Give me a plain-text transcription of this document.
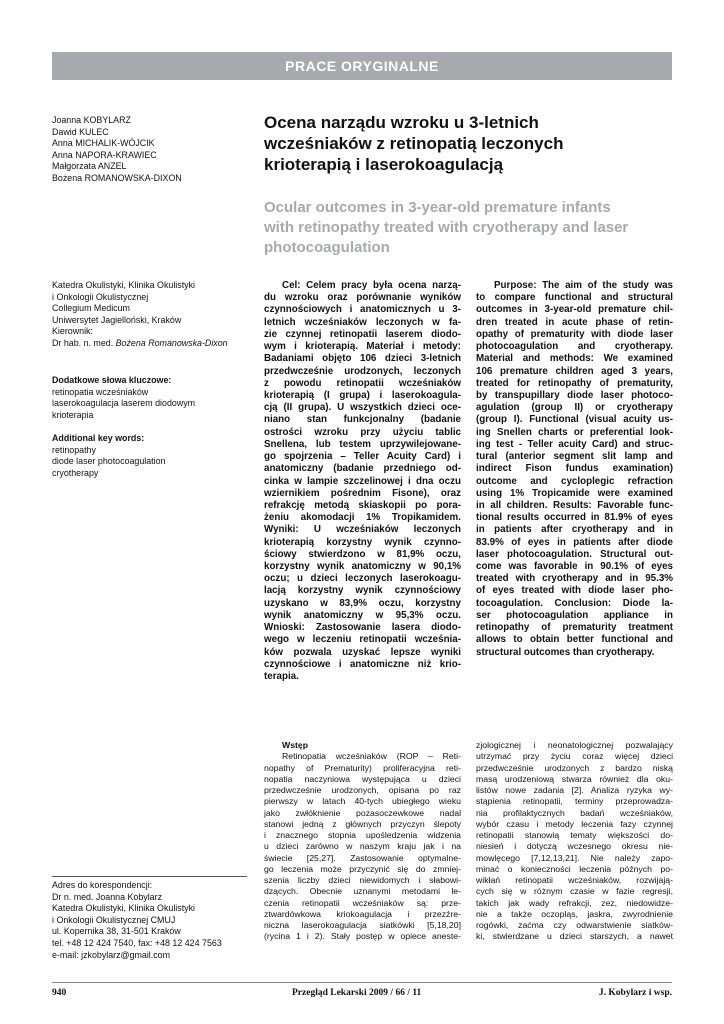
PRACE ORYGINALNE
Joanna KOBYLARZ
Dawid KULEC
Anna MICHALIK-WÓJCIK
Anna NAPORA-KRAWIEC
Małgorzata ANZEL
Bożena ROMANOWSKA-DIXON
Katedra Okulistyki, Klinika Okulistyki
i Onkologii Okulistycznej
Collegium Medicum
Uniwersytet Jagielloński, Kraków
Kierownik:
Dr hab. n. med. Bożena Romanowska-Dixon
Dodatkowe słowa kluczowe:
retinopatia wcześniaków
laserokoagulacja laserem diodowym
krioterapia
Additional key words:
retinopathy
diode laser photocoagulation
cryotherapy
Ocena narządu wzroku u 3-letnich
wcześniaków z retinopatią leczonych
krioterapią i laserokoagulacją
Ocular outcomes in 3-year-old premature infants
with retinopathy treated with cryotherapy and laser
photocoagulation
Cel: Celem pracy była ocena narzą-
du wzroku oraz porównanie wyników
czynnościowych i anatomicznych u 3-
letnich wcześniaków leczonych w fa-
zie czynnej retinopatii laserem diodo-
wym i krioterapią. Materiał i metody:
Badaniami objęto 106 dzieci 3-letnich
przedwcześnie urodzonych, leczonych
z powodu retinopatii wcześniaków
krioterapią (I grupa) i laserokoagula-
cją (II grupa). U wszystkich dzieci oce-
niano stan funkcjonalny (badanie
ostrości wzroku przy użyciu tablic
Snellena, lub testem uprzywilejowane-
go spojrzenia – Teller Acuity Card) i
anatomiczny (badanie przedniego od-
cinka w lampie szczelinowej i dna oczu
wziernikiem pośrednim Fisone), oraz
refrakcję metodą skiaskopii po pora-
żeniu akomodacji 1% Tropikamidem.
Wyniki: U wcześniaków leczonych
krioterapią korzystny wynik czynno-
ściowy stwierdzono w 81,9% oczu,
korzystny wynik anatomiczny w 90,1%
oczu; u dzieci leczonych laserokoagu-
lacją korzystny wynik czynnościowy
uzyskano w 83,9% oczu, korzystny
wynik anatomiczny w 95,3% oczu.
Wnioski: Zastosowanie lasera diodo-
wego w leczeniu retinopatii wcześnia-
ków pozwala uzyskać lepsze wyniki
czynnościowe i anatomiczne niż krio-
terapia.
Purpose: The aim of the study was
to compare functional and structural
outcomes in 3-year-old premature chil-
dren treated in acute phase of retin-
opathy of prematurity with diode laser
photocoagulation and cryotherapy.
Material and methods: We examined
106 premature children aged 3 years,
treated for retinopathy of prematurity,
by transpupillary diode laser photoco-
agulation (group II) or cryotherapy
(group I). Functional (visual acuity us-
ing Snellen charts or preferential look-
ing test - Teller acuity Card) and struc-
tural (anterior segment slit lamp and
indirect Fison fundus examination)
outcome and cycloplegic refraction
using 1% Tropicamide were examined
in all children. Results: Favorable func-
tional results occurred in 81.9% of eyes
in patients after cryotherapy and in
83.9% of eyes in patients after diode
laser photocoagulation. Structural out-
come was favorable in 90.1% of eyes
treated with cryotherapy and in 95.3%
of eyes treated with diode laser pho-
tocoagulation. Conclusion: Diode la-
ser photocoagulation appliance in
retinopathy of prematurity treatment
allows to obtain better functional and
structural outcomes than cryotherapy.
Wstęp
Retinopatia wcześniaków (ROP – Reti-
nopathy of Prematurity) proliferacyjna reti-
nopatia naczyniowa występująca u dzieci
przedwcześnie urodzonych, opisana po raz
pierwszy w latach 40-tych ubiegłego wieku
jako zwłóknienie pozasoczewkowe nadal
stanowi jedną z głównych przyczyn ślepoty
i znacznego stopnia upośledzenia widzenia
u dzieci zarówno w naszym kraju jak i na
świecie [25,27]. Zastosowanie optymalne-
go leczenia może przyczynić się do zmniej-
szenia liczby dzieci niewidomych i słabowi-
dzących. Obecnie uznanymi metodami le-
czenia retinopatii wcześniaków są: prze-
ztwardówkowa kriokoagulacja i przezźre-
niczna laserokoagulacja siatkówki [5,18,20]
(rycina 1 i 2). Stały postęp w opiece aneste-
zjologicznej i neonatologicznej pozwalający
utrzymać przy życiu coraz więcej dzieci
przedwcześnie urodzonych z bardzo niską
masą urodzeniową stwarza również dla oku-
listów nowe zadania [2]. Analiza ryzyka wy-
stąpienia retinopatii, terminy przeprowadza-
nia profilaktycznych badań wcześniaków,
wybór czasu i metody leczenia fazy czynnej
retinopatii stanowią tematy większości do-
niesień i dotyczą wczesnego okresu nie-
mowlęcego [7,12,13,21]. Nie należy zapo-
minać o konieczności leczenia późnych po-
wikłań retinopatii wcześniaków, rozwijają-
cych się w różnym czasie w fazie regresji,
takich jak wady refrakcji, zez, niedowidze-
nie a także oczopląs, jaskra, zwyrodnienie
rogówki, zaćma czy odwarstwienie siatków-
ki, stwierdzane u dzieci starszych, a nawet
Adres do korespondencji:
Dr n. med. Joanna Kobylarz
Katedra Okulistyki, Klinika Okulistyki
i Onkologii Okulistycznej CMUJ
ul. Kopernika 38, 31-501 Kraków
tel. +48 12 424 7540, fax: +48 12 424 7563
e-mail: jzkobylarz@gmail.com
940	Przegląd Lekarski 2009 / 66 / 11	J. Kobylarz i wsp.
